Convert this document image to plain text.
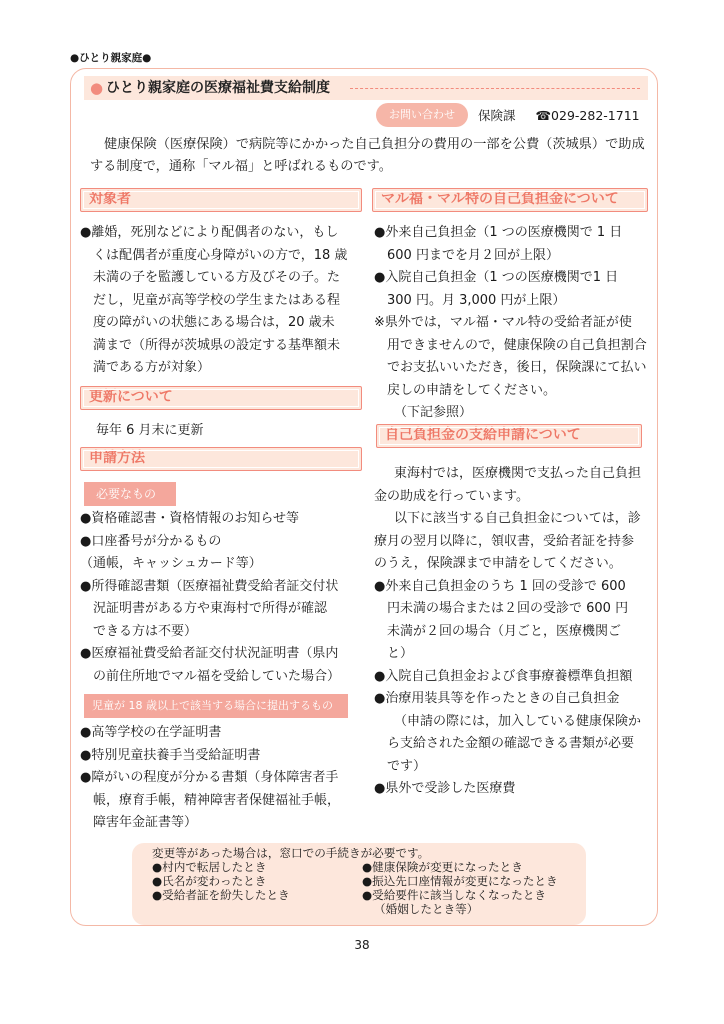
●ひとり親家庭●
● ひとり親家庭の医療福祉費支給制度
お問い合わせ	保険課 ☎029-282-1711

健康保険（医療保険）で病院等にかかった自己負担分の費用の一部を公費（茨城県）で助成

する制度で，通称「マル福」と呼ばれるものです。

対象者

●離婚，死別などにより配偶者のない，もし

くは配偶者が重度心身障がいの方で，18 歳

未満の子を監護している方及びその子。た

だし，児童が高等学校の学生またはある程

度の障がいの状態にある場合は，20 歳未

満まで（所得が茨城県の設定する基準額未

満である方が対象）

更新について
毎年 6 月末に更新
申請方法
必要なもの

●資格確認書・資格情報のお知らせ等

●口座番号が分かるもの

（通帳，キャッシュカード等）

●所得確認書類（医療福祉費受給者証交付状

況証明書がある方や東海村で所得が確認

できる方は不要）

●医療福祉費受給者証交付状況証明書（県内

の前住所地でマル福を受給していた場合）

児童が 18 歳以上で該当する場合に提出するもの

●高等学校の在学証明書

●特別児童扶養手当受給証明書

●障がいの程度が分かる書類（身体障害者手

帳，療育手帳，精神障害者保健福祉手帳，

障害年金証書等）

マル福・マル特の自己負担金について

●外来自己負担金（1 つの医療機関で 1 日

600 円までを月２回が上限）

●入院自己負担金（1 つの医療機関で1 日

300 円。月 3,000 円が上限）

※県外では，マル福・マル特の受給者証が使

用できませんので，健康保険の自己負担割合

でお支払いいただき，後日，保険課にて払い

戻しの申請をしてください。

（下記参照）

自己負担金の支給申請について

東海村では，医療機関で支払った自己負担

金の助成を行っています。

以下に該当する自己負担金については，診

療月の翌月以降に，領収書，受給者証を持参

のうえ，保険課まで申請をしてください。

●外来自己負担金のうち 1 回の受診で 600

円未満の場合または２回の受診で 600 円

未満が２回の場合（月ごと，医療機関ご

と）

●入院自己負担金および食事療養標準負担額

●治療用装具等を作ったときの自己負担金

（申請の際には，加入している健康保険か

ら支給された金額の確認できる書類が必要

です）

●県外で受診した医療費

変更等があった場合は，窓口での手続きが必要です。

●村内で転居したとき

●氏名が変わったとき

●受給者証を紛失したとき

●健康保険が変更になったとき

●振込先口座情報が変更になったとき

●受給要件に該当しなくなったとき

（婚姻したとき等）

38
